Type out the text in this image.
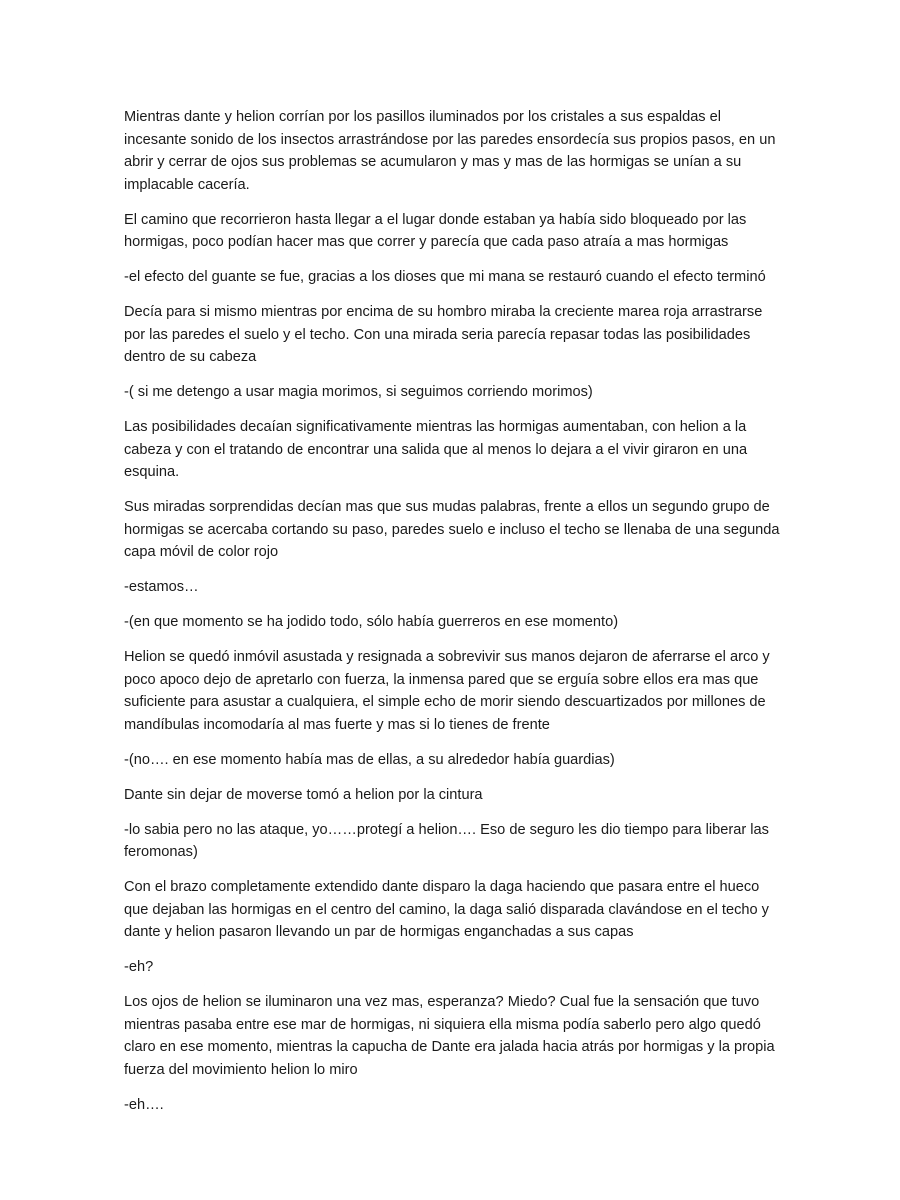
Mientras dante y helion corrían por los pasillos iluminados por los cristales a sus espaldas el incesante sonido de los insectos arrastrándose por las paredes ensordecía sus propios pasos, en un abrir y cerrar de ojos sus problemas se acumularon y mas y mas de las hormigas se unían a su implacable cacería.

El camino que recorrieron hasta llegar a el lugar donde estaban ya había sido bloqueado por las hormigas, poco podían hacer mas que correr y parecía que cada paso atraía a mas hormigas

-el efecto del guante se fue, gracias a los dioses que mi mana se restauró cuando el efecto terminó

Decía para si mismo mientras por encima de su hombro miraba la creciente marea roja arrastrarse por las paredes el suelo y el techo. Con una mirada seria parecía repasar todas las posibilidades dentro de su cabeza

-( si me detengo a usar magia morimos, si seguimos corriendo morimos)

Las posibilidades decaían significativamente mientras las hormigas aumentaban, con helion a la cabeza y con el tratando de encontrar una salida que al menos lo dejara a el vivir giraron en una esquina.

Sus miradas sorprendidas decían mas que sus mudas palabras, frente a ellos un segundo grupo de hormigas se acercaba cortando su paso, paredes suelo e incluso el techo se llenaba de una segunda capa móvil de color rojo

-estamos…

-(en que momento se ha jodido todo, sólo había guerreros en ese momento)

Helion se quedó inmóvil asustada y resignada a sobrevivir sus manos dejaron de aferrarse el arco y poco apoco dejo de apretarlo con fuerza, la inmensa pared que se erguía sobre ellos era mas que suficiente para asustar a cualquiera, el simple echo de morir siendo descuartizados por millones de mandíbulas incomodaría al mas fuerte y mas si lo tienes de frente

-(no…. en ese momento había mas de ellas, a su alrededor había guardias)

Dante sin dejar de moverse tomó a helion por la cintura

-lo sabia pero no las ataque, yo……protegí a helion…. Eso de seguro les dio tiempo para liberar las feromonas)

Con el brazo completamente extendido dante disparo la daga haciendo que pasara entre el hueco que dejaban las hormigas en el centro del camino, la daga salió disparada clavándose en el techo y dante y helion pasaron llevando un par de hormigas enganchadas a sus capas

-eh?

Los ojos de helion se iluminaron una vez mas, esperanza? Miedo? Cual fue la sensación que tuvo mientras pasaba entre ese mar de hormigas, ni siquiera ella misma podía saberlo pero algo quedó claro en ese momento, mientras la capucha de Dante era jalada hacia atrás por hormigas y la propia fuerza del movimiento helion lo miro

-eh….
